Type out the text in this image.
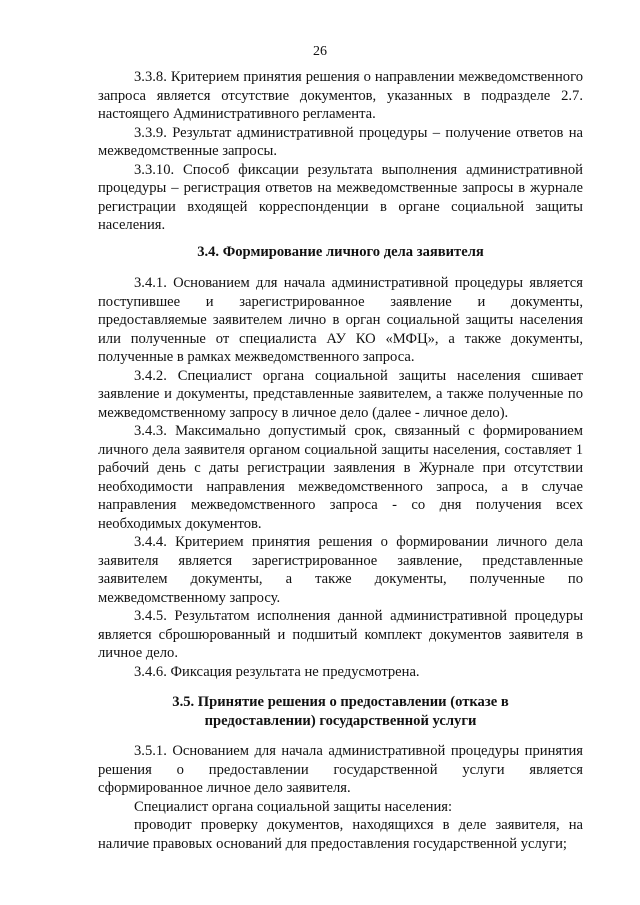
26

3.3.8. Критерием принятия решения о направлении межведомственного запроса является отсутствие документов, указанных в подразделе 2.7. настоящего Административного регламента.

3.3.9. Результат административной процедуры – получение ответов на межведомственные запросы.

3.3.10. Способ фиксации результата выполнения административной процедуры – регистрация ответов на межведомственные запросы в журнале регистрации входящей корреспонденции в органе социальной защиты населения.

3.4. Формирование личного дела заявителя

3.4.1. Основанием для начала административной процедуры является поступившее и зарегистрированное заявление и документы, предоставляемые заявителем лично в орган социальной защиты населения или полученные от специалиста АУ КО «МФЦ», а также документы, полученные в рамках межведомственного запроса.

3.4.2. Специалист органа социальной защиты населения сшивает заявление и документы, представленные заявителем, а также полученные по межведомственному запросу в личное дело (далее - личное дело).

3.4.3. Максимально допустимый срок, связанный с формированием личного дела заявителя органом социальной защиты населения, составляет 1 рабочий день с даты регистрации заявления в Журнале при отсутствии необходимости направления межведомственного запроса, а в случае направления межведомственного запроса - со дня получения всех необходимых документов.

3.4.4. Критерием принятия решения о формировании личного дела заявителя является зарегистрированное заявление, представленные заявителем документы, а также документы, полученные по межведомственному запросу.

3.4.5. Результатом исполнения данной административной процедуры является сброшюрованный и подшитый комплект документов заявителя в личное дело.

3.4.6. Фиксация результата не предусмотрена.

3.5. Принятие решения о предоставлении (отказе в
предоставлении) государственной услуги

3.5.1. Основанием для начала административной процедуры принятия решения о предоставлении государственной услуги является сформированное личное дело заявителя.

Специалист органа социальной защиты населения:

проводит проверку документов, находящихся в деле заявителя, на наличие правовых оснований для предоставления государственной услуги;
